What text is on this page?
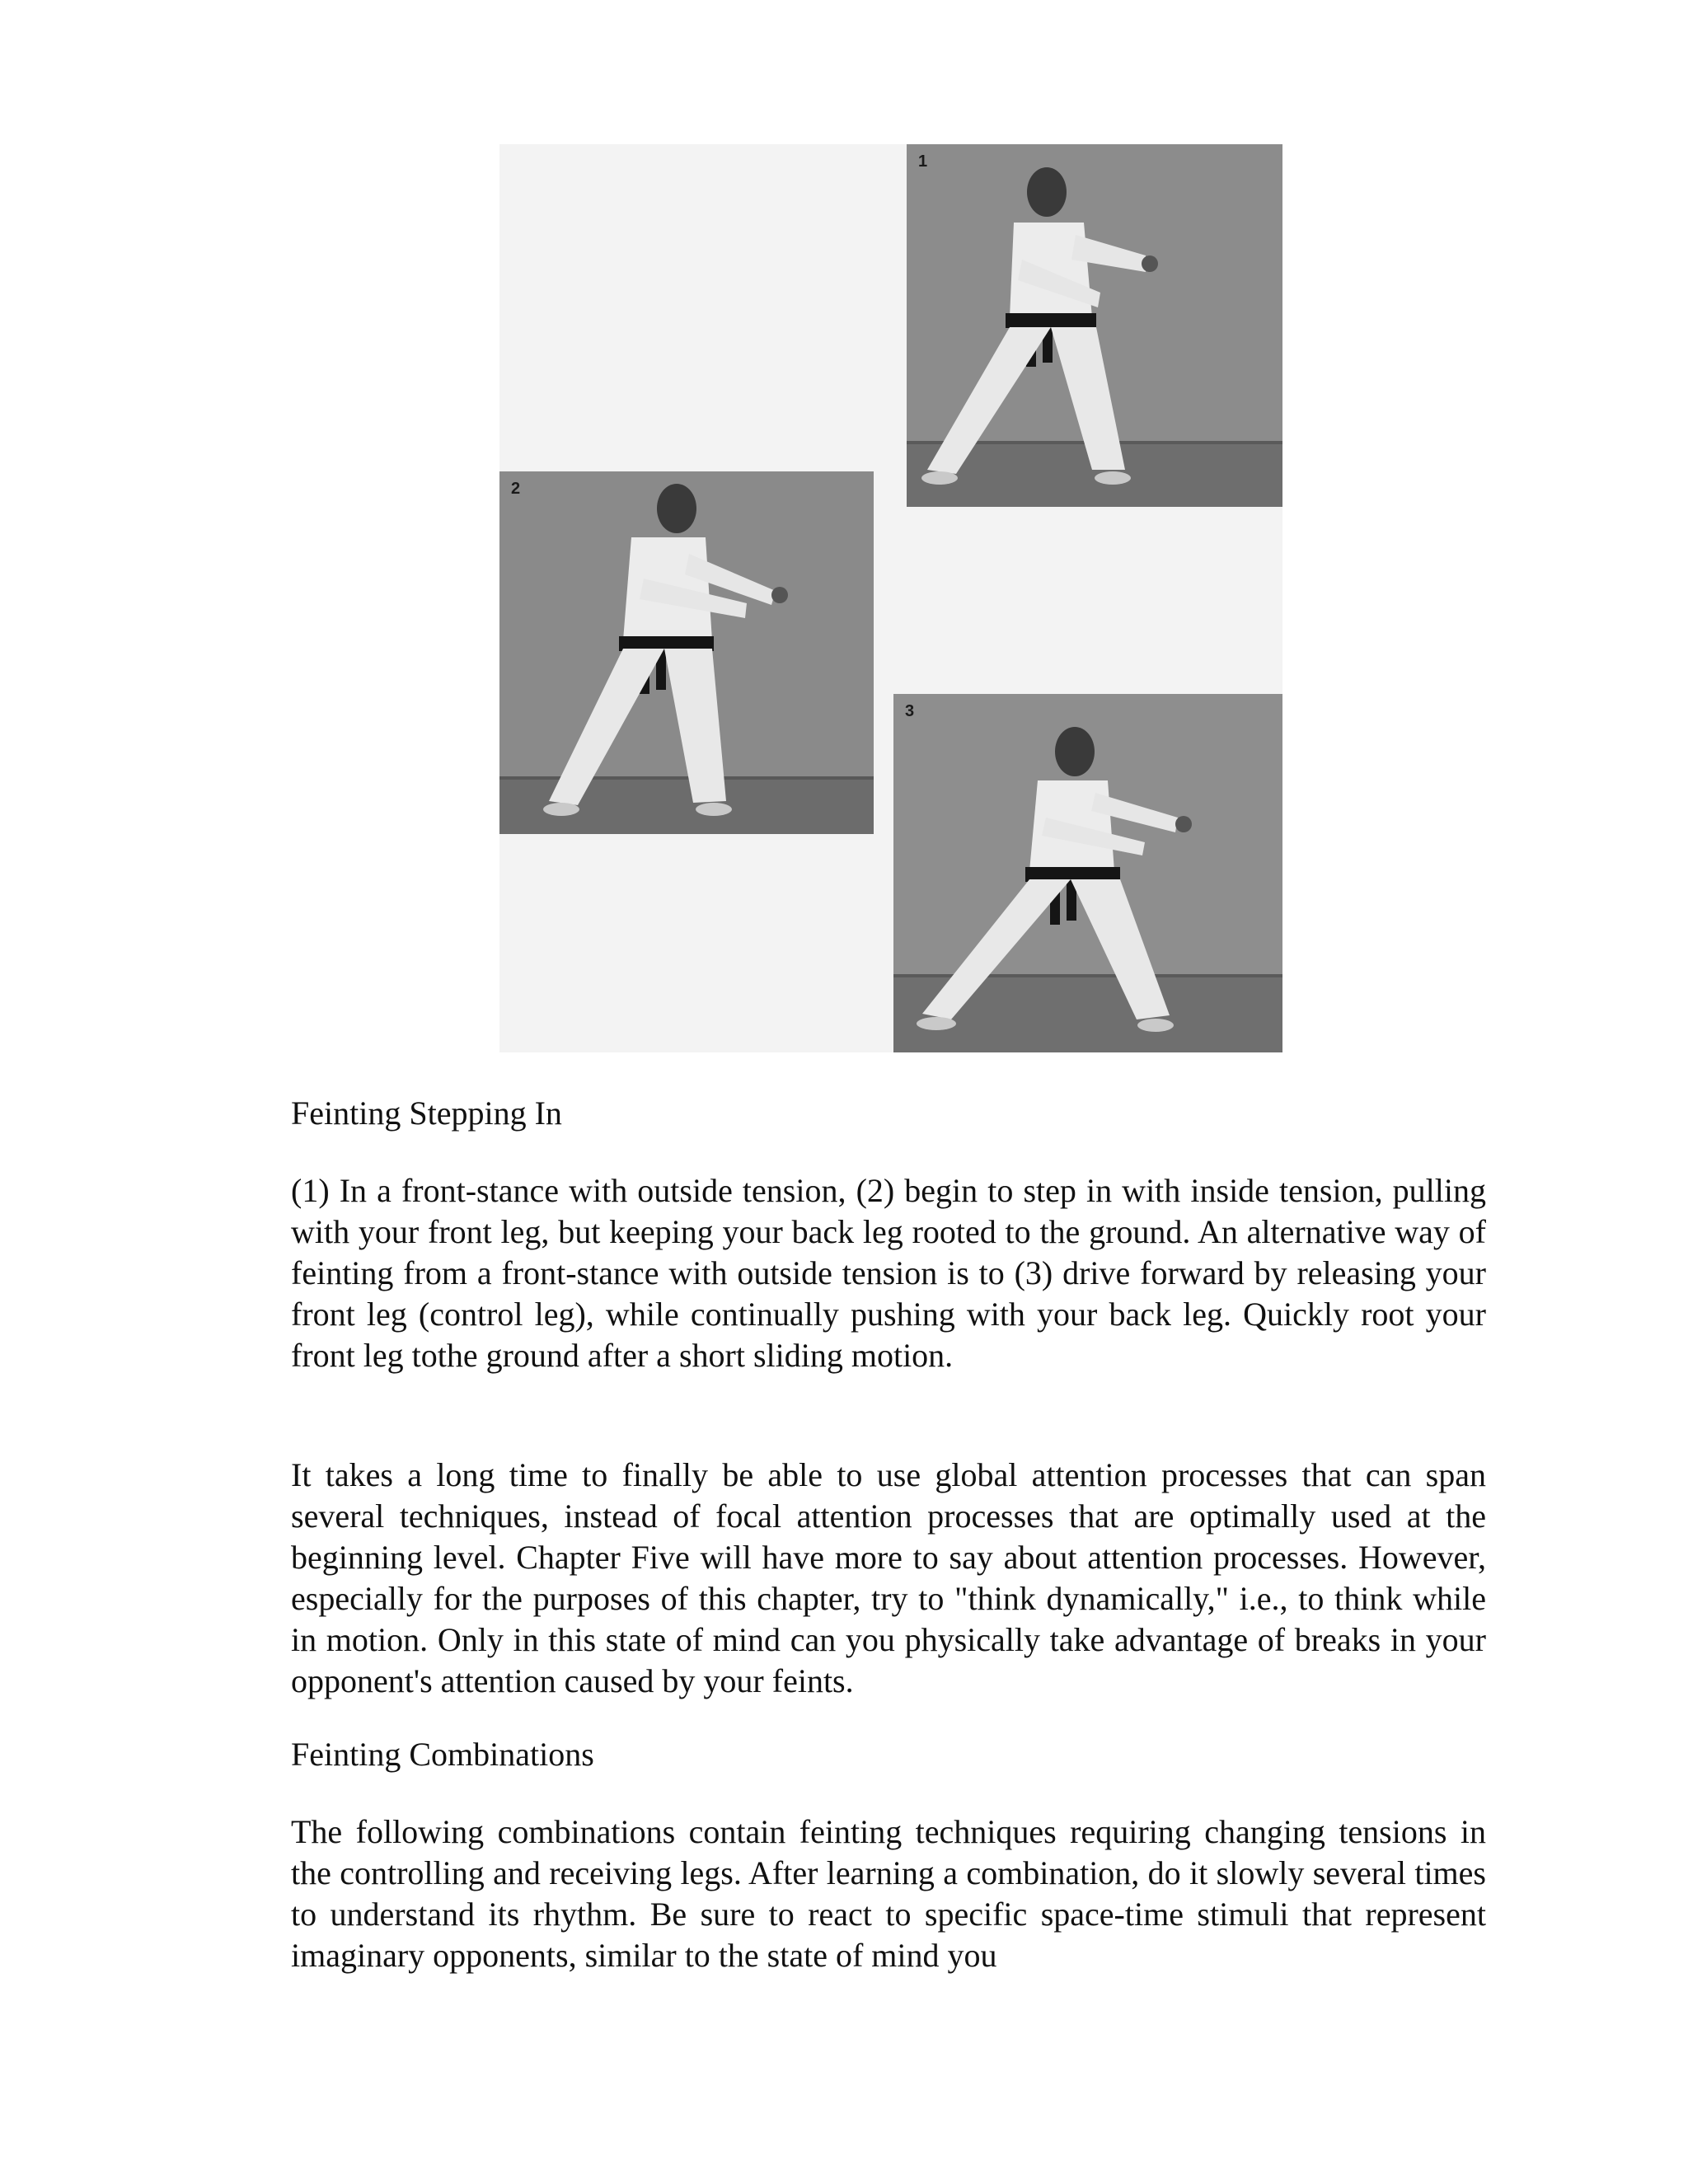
1
2
3

Feinting Stepping In

(1) In a front-stance with outside tension, (2) begin to step in with inside tension, pulling with your front leg, but keeping your back leg rooted to the ground. An alternative way of feinting from a front-stance with outside tension is to (3) drive forward by releasing your front leg (control leg), while continually pushing with your back leg. Quickly root your front leg tothe ground after a short sliding motion.

It takes a long time to finally be able to use global attention processes that can span several techniques, instead of focal attention processes that are optimally used at the beginning level. Chapter Five will have more to say about attention processes. However, especially for the purposes of this chapter, try to "think dynamically," i.e., to think while in motion. Only in this state of mind can you physically take advantage of breaks in your opponent's attention caused by your feints.

Feinting Combinations

The following combinations contain feinting techniques requiring changing tensions in the controlling and receiving legs. After learning a combination, do it slowly several times to understand its rhythm. Be sure to react to specific space-time stimuli that represent imaginary opponents, similar to the state of mind you
